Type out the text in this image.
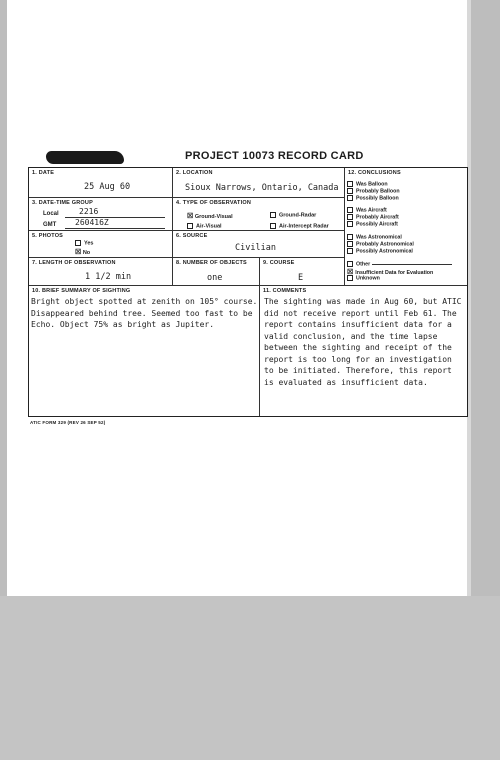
PROJECT 10073 RECORD CARD
1. DATE
25 Aug 60
2. LOCATION
Sioux Narrows, Ontario, Canada
3. DATE-TIME GROUP
Local	2216
GMT 260416Z
4. TYPE OF OBSERVATION
☒ Ground-Visual	Ground-Radar
Air-Visual	Air-Intercept Radar
5. PHOTOS
Yes
☒ No
6. SOURCE
Civilian
7. LENGTH OF OBSERVATION
1 1/2 min
8. NUMBER OF OBJECTS
one
9. COURSE
E
12. CONCLUSIONS
10. BRIEF SUMMARY OF SIGHTING
Bright object spotted at zenith on 105° course.
Disappeared behind tree. Seemed too fast to be
Echo. Object 75% as bright as Jupiter.
11. COMMENTS
The sighting was made in Aug 60, but ATIC
did not receive report until Feb 61. The
report contains insufficient data for a
valid conclusion, and the time lapse
between the sighting and receipt of the
report is too long for an investigation
to be initiated. Therefore, this report
is evaluated as insufficient data.
Was Balloon
Probably Balloon
Possibly Balloon
Was Aircraft
Probably Aircraft
Possibly Aircraft
Was Astronomical
Probably Astronomical
Possibly Astronomical
Other
☒ Insufficient Data for Evaluation
Unknown
ATIC FORM 329 (REV 26 SEP 52)
